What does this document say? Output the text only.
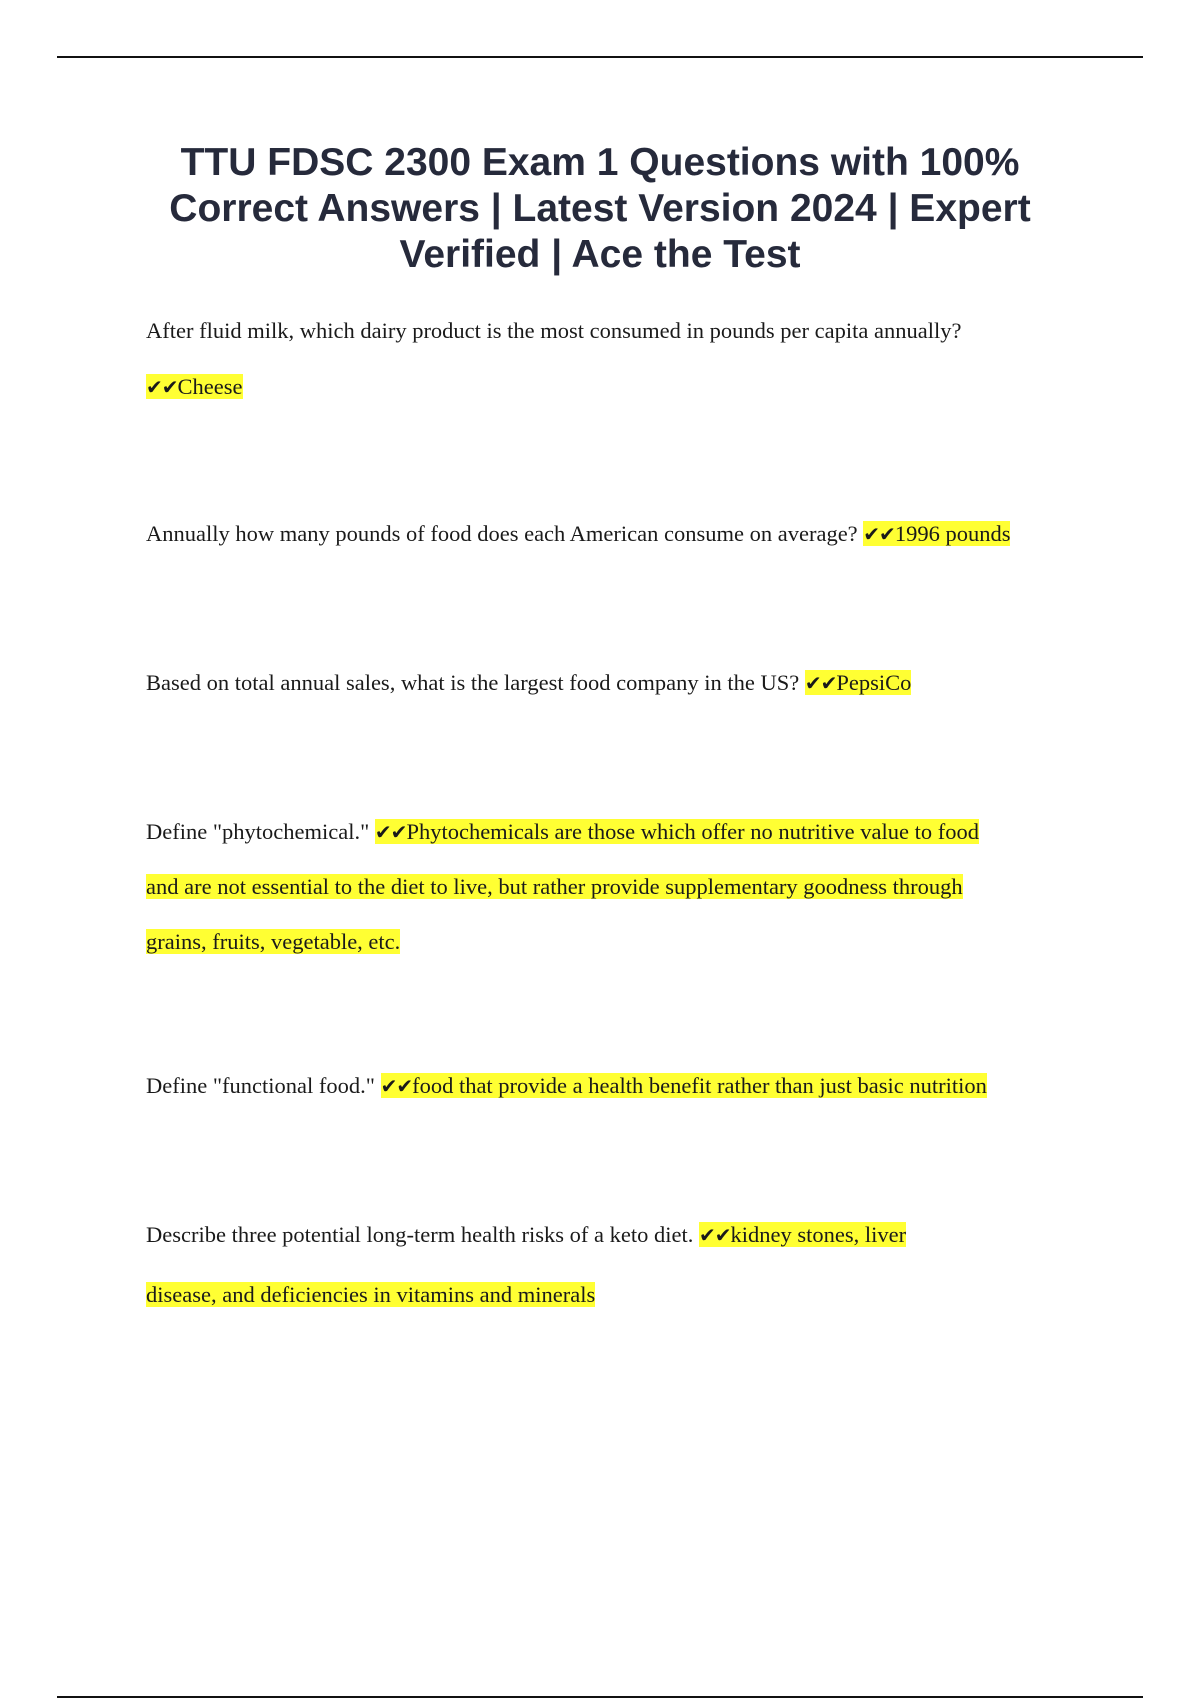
TTU FDSC 2300 Exam 1 Questions with 100% Correct Answers | Latest Version 2024 | Expert Verified | Ace the Test
After fluid milk, which dairy product is the most consumed in pounds per capita annually?
✔✔Cheese
Annually how many pounds of food does each American consume on average? ✔✔1996 pounds
Based on total annual sales, what is the largest food company in the US? ✔✔PepsiCo
Define "phytochemical." ✔✔Phytochemicals are those which offer no nutritive value to food
and are not essential to the diet to live, but rather provide supplementary goodness through
grains, fruits, vegetable, etc.
Define "functional food." ✔✔food that provide a health benefit rather than just basic nutrition
Describe three potential long-term health risks of a keto diet. ✔✔kidney stones, liver
disease, and deficiencies in vitamins and minerals
